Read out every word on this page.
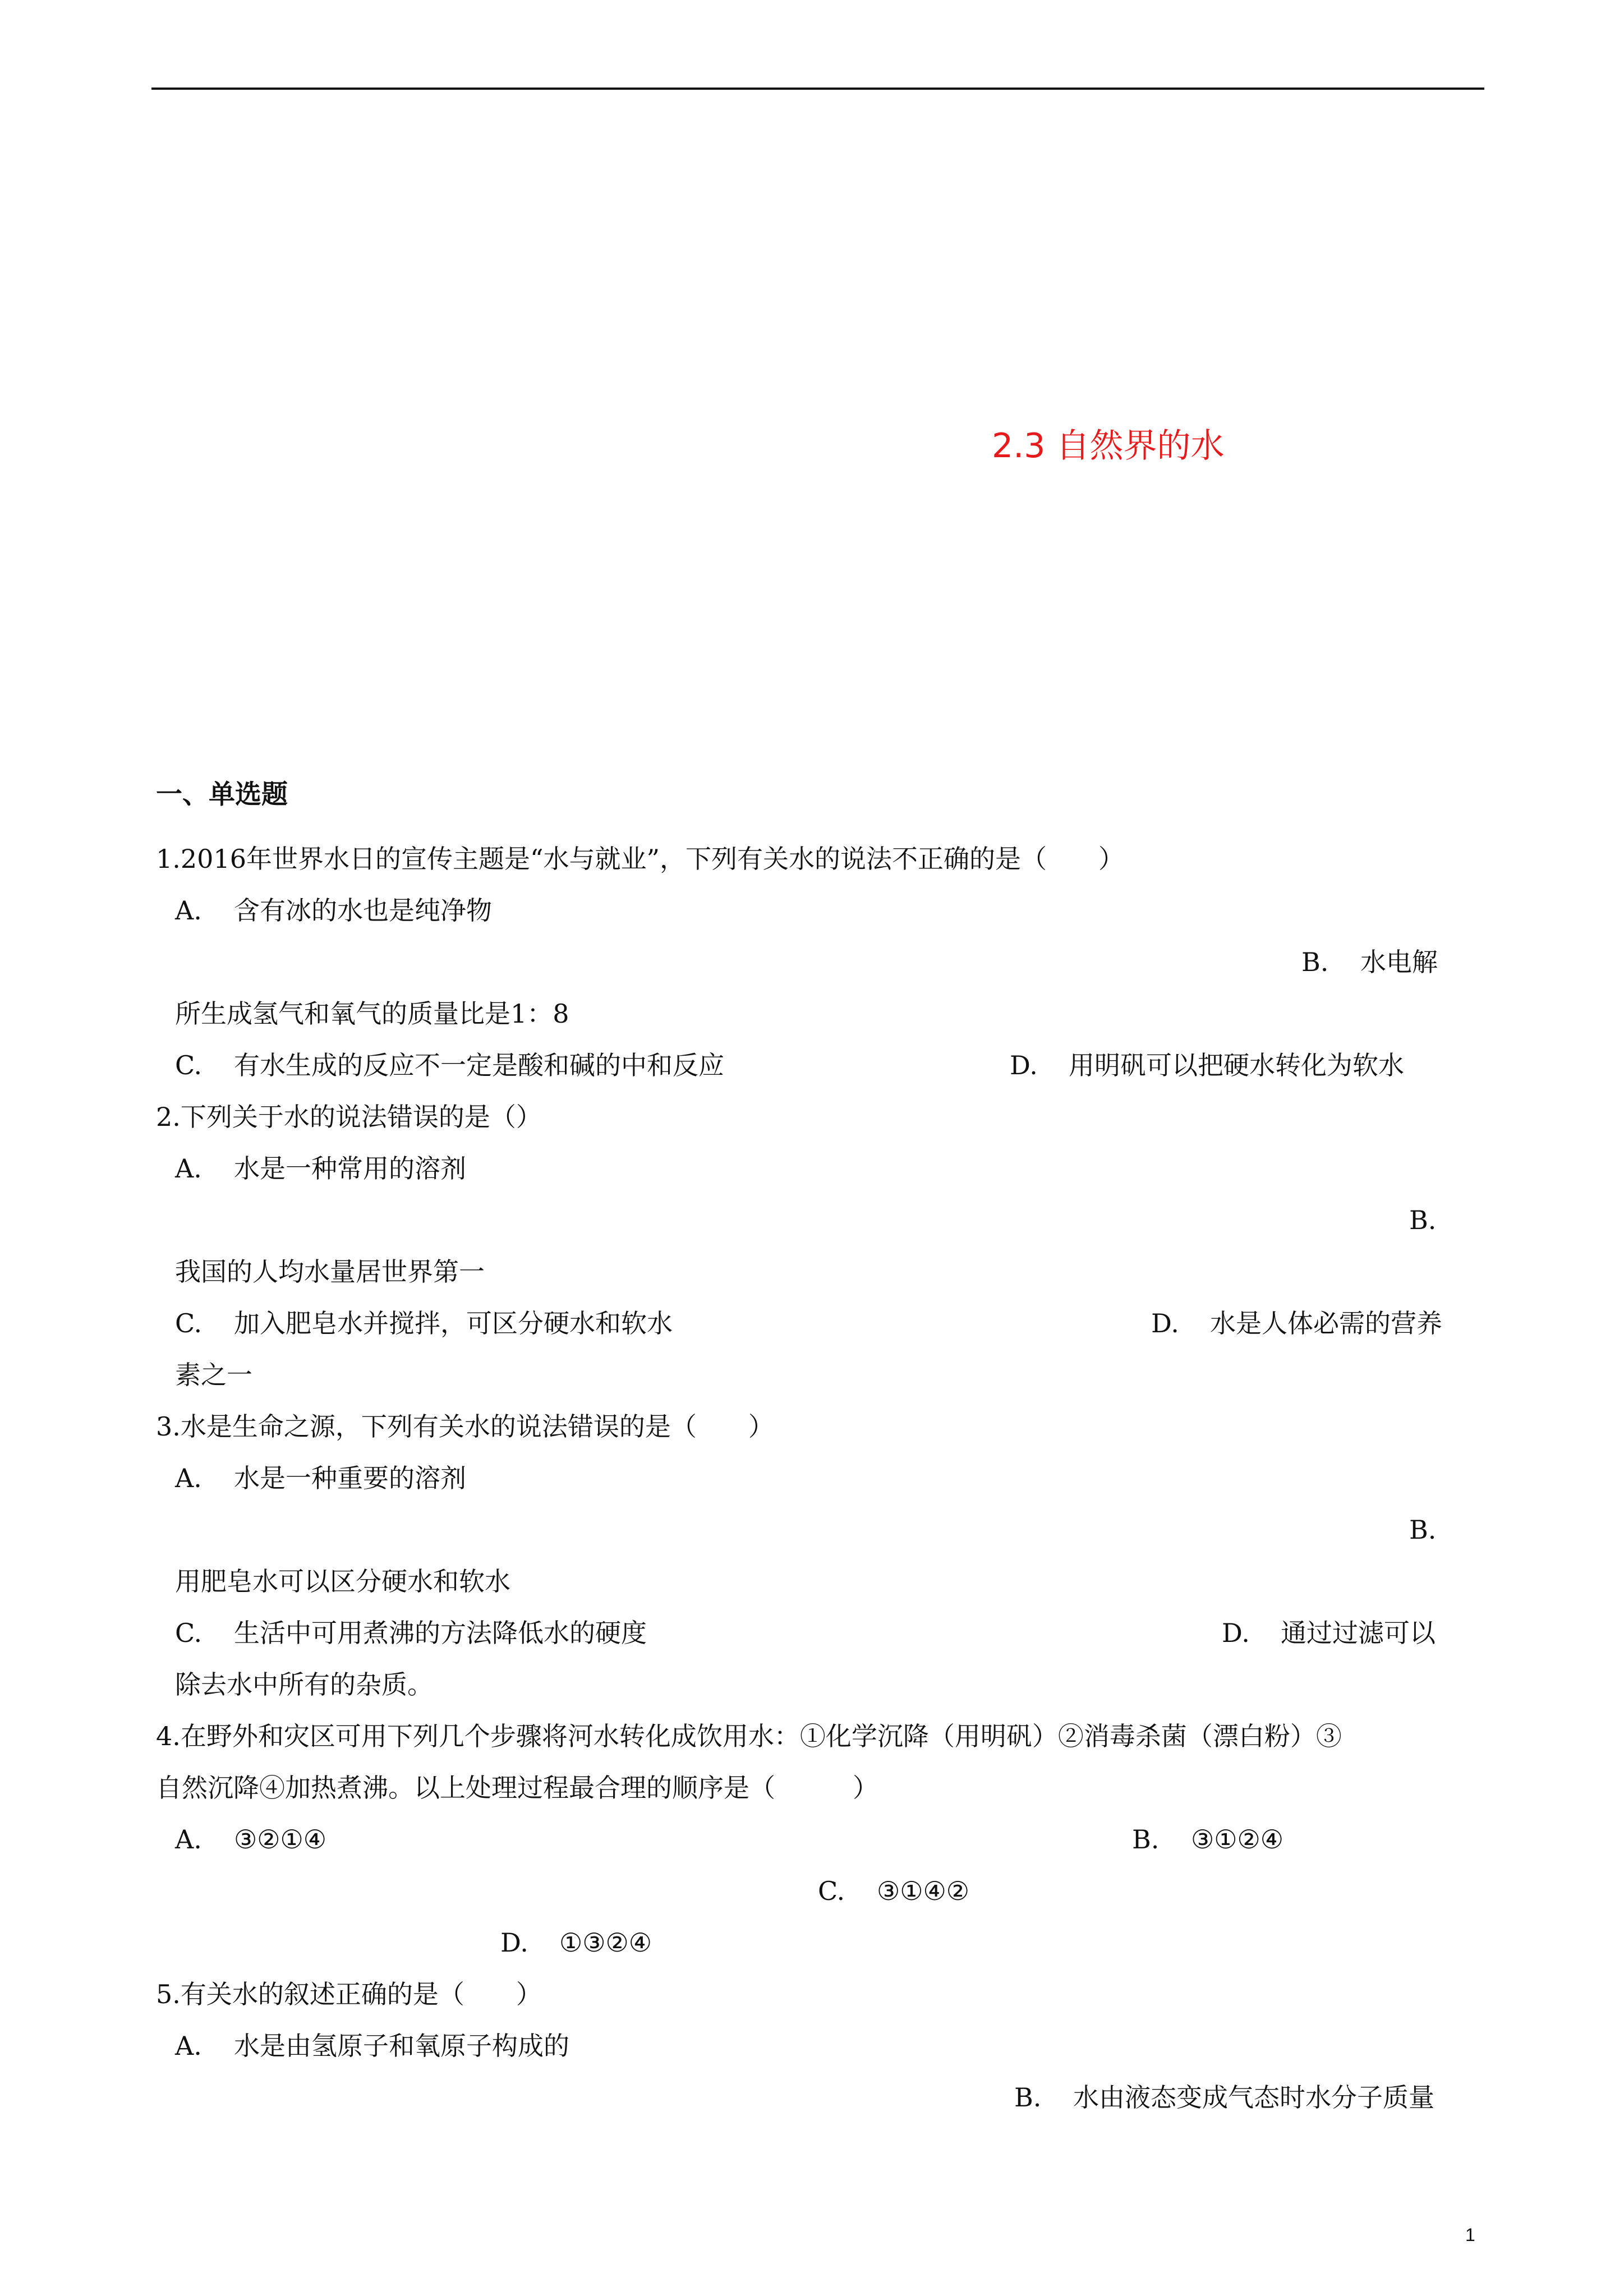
2.3 自然界的水
一、单选题
1.2016年世界水日的宣传主题是“水与就业”，下列有关水的说法不正确的是（　　）
A. 含有冰的水也是纯净物
B. 水电解
所生成氢气和氧气的质量比是1：8
C. 有水生成的反应不一定是酸和碱的中和反应	D. 用明矾可以把硬水转化为软水
2.下列关于水的说法错误的是（）
A. 水是一种常用的溶剂
B.
我国的人均水量居世界第一
C. 加入肥皂水并搅拌，可区分硬水和软水	D. 水是人体必需的营养
素之一
3.水是生命之源，下列有关水的说法错误的是（　　）
A. 水是一种重要的溶剂
B.
用肥皂水可以区分硬水和软水
C. 生活中可用煮沸的方法降低水的硬度	D. 通过过滤可以
除去水中所有的杂质。
4.在野外和灾区可用下列几个步骤将河水转化成饮用水：①化学沉降（用明矾）②消毒杀菌（漂白粉）③
自然沉降④加热煮沸。以上处理过程最合理的顺序是（　　　）
A. ③②①④	B. ③①②④
C. ③①④②
D. ①③②④
5.有关水的叙述正确的是（　　）
A. 水是由氢原子和氧原子构成的
B. 水由液态变成气态时水分子质量
1
